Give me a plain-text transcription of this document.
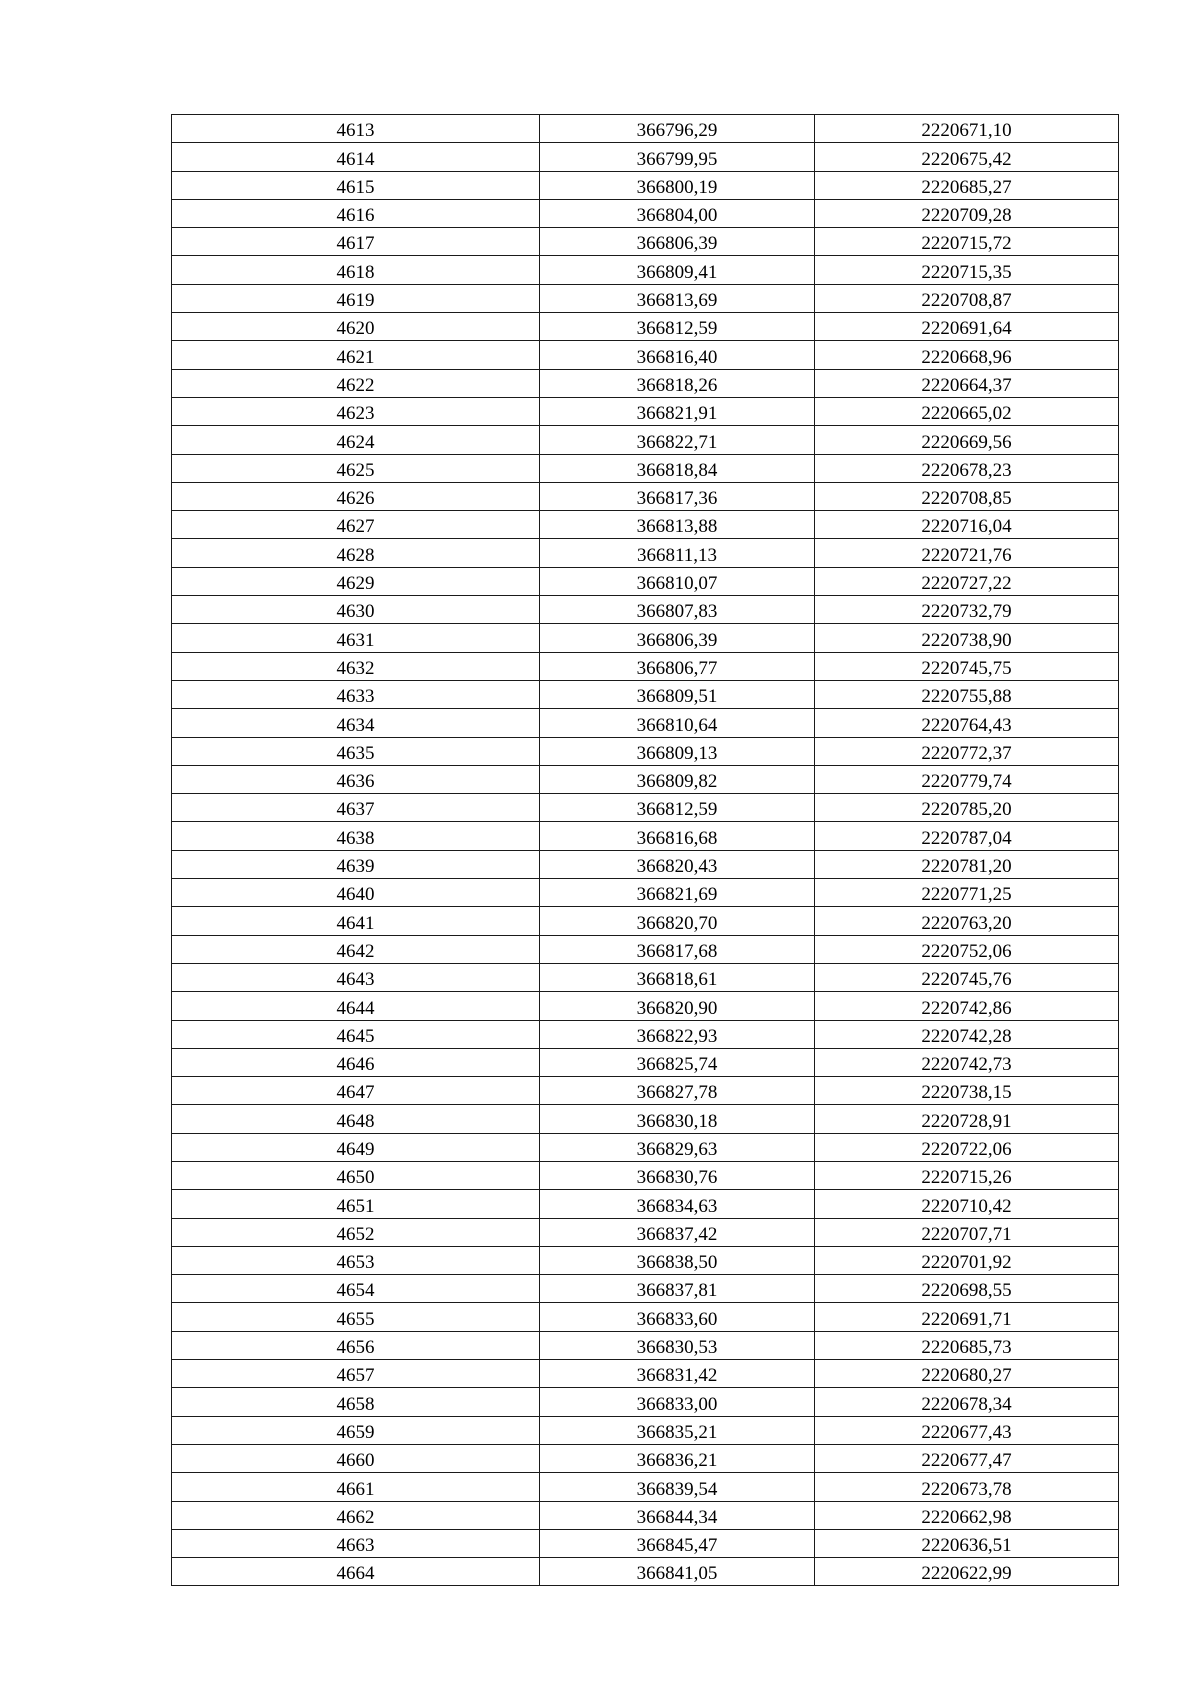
4613	366796,29	2220671,10
4614	366799,95	2220675,42
4615	366800,19	2220685,27
4616	366804,00	2220709,28
4617	366806,39	2220715,72
4618	366809,41	2220715,35
4619	366813,69	2220708,87
4620	366812,59	2220691,64
4621	366816,40	2220668,96
4622	366818,26	2220664,37
4623	366821,91	2220665,02
4624	366822,71	2220669,56
4625	366818,84	2220678,23
4626	366817,36	2220708,85
4627	366813,88	2220716,04
4628	366811,13	2220721,76
4629	366810,07	2220727,22
4630	366807,83	2220732,79
4631	366806,39	2220738,90
4632	366806,77	2220745,75
4633	366809,51	2220755,88
4634	366810,64	2220764,43
4635	366809,13	2220772,37
4636	366809,82	2220779,74
4637	366812,59	2220785,20
4638	366816,68	2220787,04
4639	366820,43	2220781,20
4640	366821,69	2220771,25
4641	366820,70	2220763,20
4642	366817,68	2220752,06
4643	366818,61	2220745,76
4644	366820,90	2220742,86
4645	366822,93	2220742,28
4646	366825,74	2220742,73
4647	366827,78	2220738,15
4648	366830,18	2220728,91
4649	366829,63	2220722,06
4650	366830,76	2220715,26
4651	366834,63	2220710,42
4652	366837,42	2220707,71
4653	366838,50	2220701,92
4654	366837,81	2220698,55
4655	366833,60	2220691,71
4656	366830,53	2220685,73
4657	366831,42	2220680,27
4658	366833,00	2220678,34
4659	366835,21	2220677,43
4660	366836,21	2220677,47
4661	366839,54	2220673,78
4662	366844,34	2220662,98
4663	366845,47	2220636,51
4664	366841,05	2220622,99
